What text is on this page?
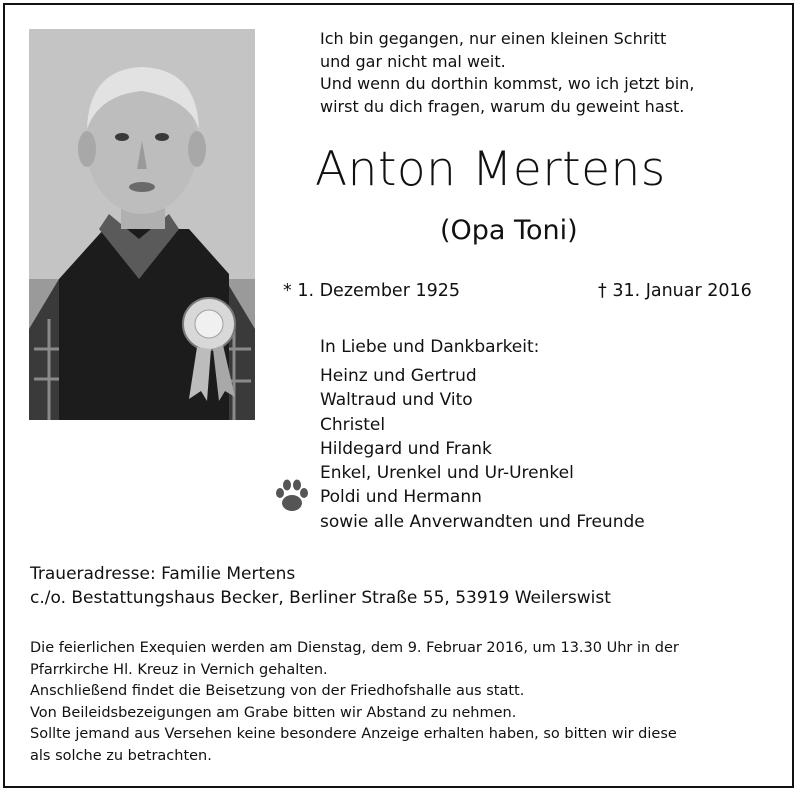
Ich bin gegangen, nur einen kleinen Schritt
und gar nicht mal weit.
Und wenn du dorthin kommst, wo ich jetzt bin,
wirst du dich fragen, warum du geweint hast.
Anton Mertens
(Opa Toni)
* 1. Dezember 1925	† 31. Januar 2016
In Liebe und Dankbarkeit:
Heinz und Gertrud
Waltraud und Vito
Christel
Hildegard und Frank
Enkel, Urenkel und Ur-Urenkel
Poldi und Hermann
sowie alle Anverwandten und Freunde
Traueradresse: Familie Mertens
c./o. Bestattungshaus Becker, Berliner Straße 55, 53919 Weilerswist
Die feierlichen Exequien werden am Dienstag, dem 9. Februar 2016, um 13.30 Uhr in der
Pfarrkirche Hl. Kreuz in Vernich gehalten.
Anschließend findet die Beisetzung von der Friedhofshalle aus statt.
Von Beileidsbezeigungen am Grabe bitten wir Abstand zu nehmen.
Sollte jemand aus Versehen keine besondere Anzeige erhalten haben, so bitten wir diese
als solche zu betrachten.
